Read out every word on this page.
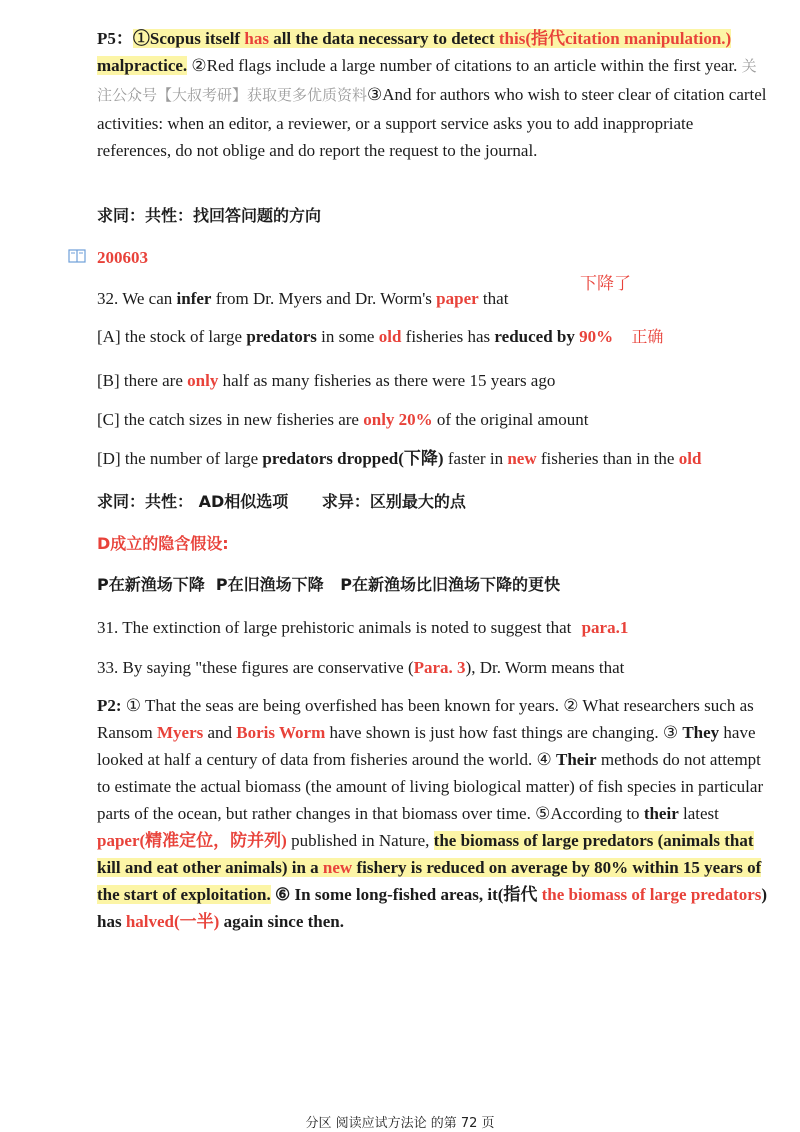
P5：①Scopus itself has all the data necessary to detect this(指代citation manipulation.) malpractice. ②Red flags include a large number of citations to an article within the first year. 关注公众号【大叔考研】获取更多优质资料③And for authors who wish to steer clear of citation cartel activities: when an editor, a reviewer, or a support service asks you to add inappropriate references, do not oblige and do report the request to the journal.
求同：共性：找回答问题的方向
200603
下降了
32. We can infer from Dr. Myers and Dr. Worm's paper that
[A] the stock of large predators in some old fisheries has reduced by 90% 正确
[B] there are only half as many fisheries as there were 15 years ago
[C] the catch sizes in new fisheries are only 20% of the original amount
[D] the number of large predators dropped(下降) faster in new fisheries than in the old
求同：共性： AD相似选项 求异：区别最大的点
D成立的隐含假设:
P在新渔场下降  P在旧渔场下降   P在新渔场比旧渔场下降的更快
31. The extinction of large prehistoric animals is noted to suggest that para.1
33. By saying "these figures are conservative (Para. 3), Dr. Worm means that
P2: ① That the seas are being overfished has been known for years. ② What researchers such as Ransom Myers and Boris Worm have shown is just how fast things are changing. ③ They have looked at half a century of data from fisheries around the world. ④ Their methods do not attempt to estimate the actual biomass (the amount of living biological matter) of fish species in particular parts of the ocean, but rather changes in that biomass over time. ⑤According to their latest paper(精准定位，防并列) published in Nature, the biomass of large predators (animals that kill and eat other animals) in a new fishery is reduced on average by 80% within 15 years of the start of exploitation. ⑥ In some long-fished areas, it(指代 the biomass of large predators) has halved(一半) again since then.
分区 阅读应试方法论 的第 72 页
